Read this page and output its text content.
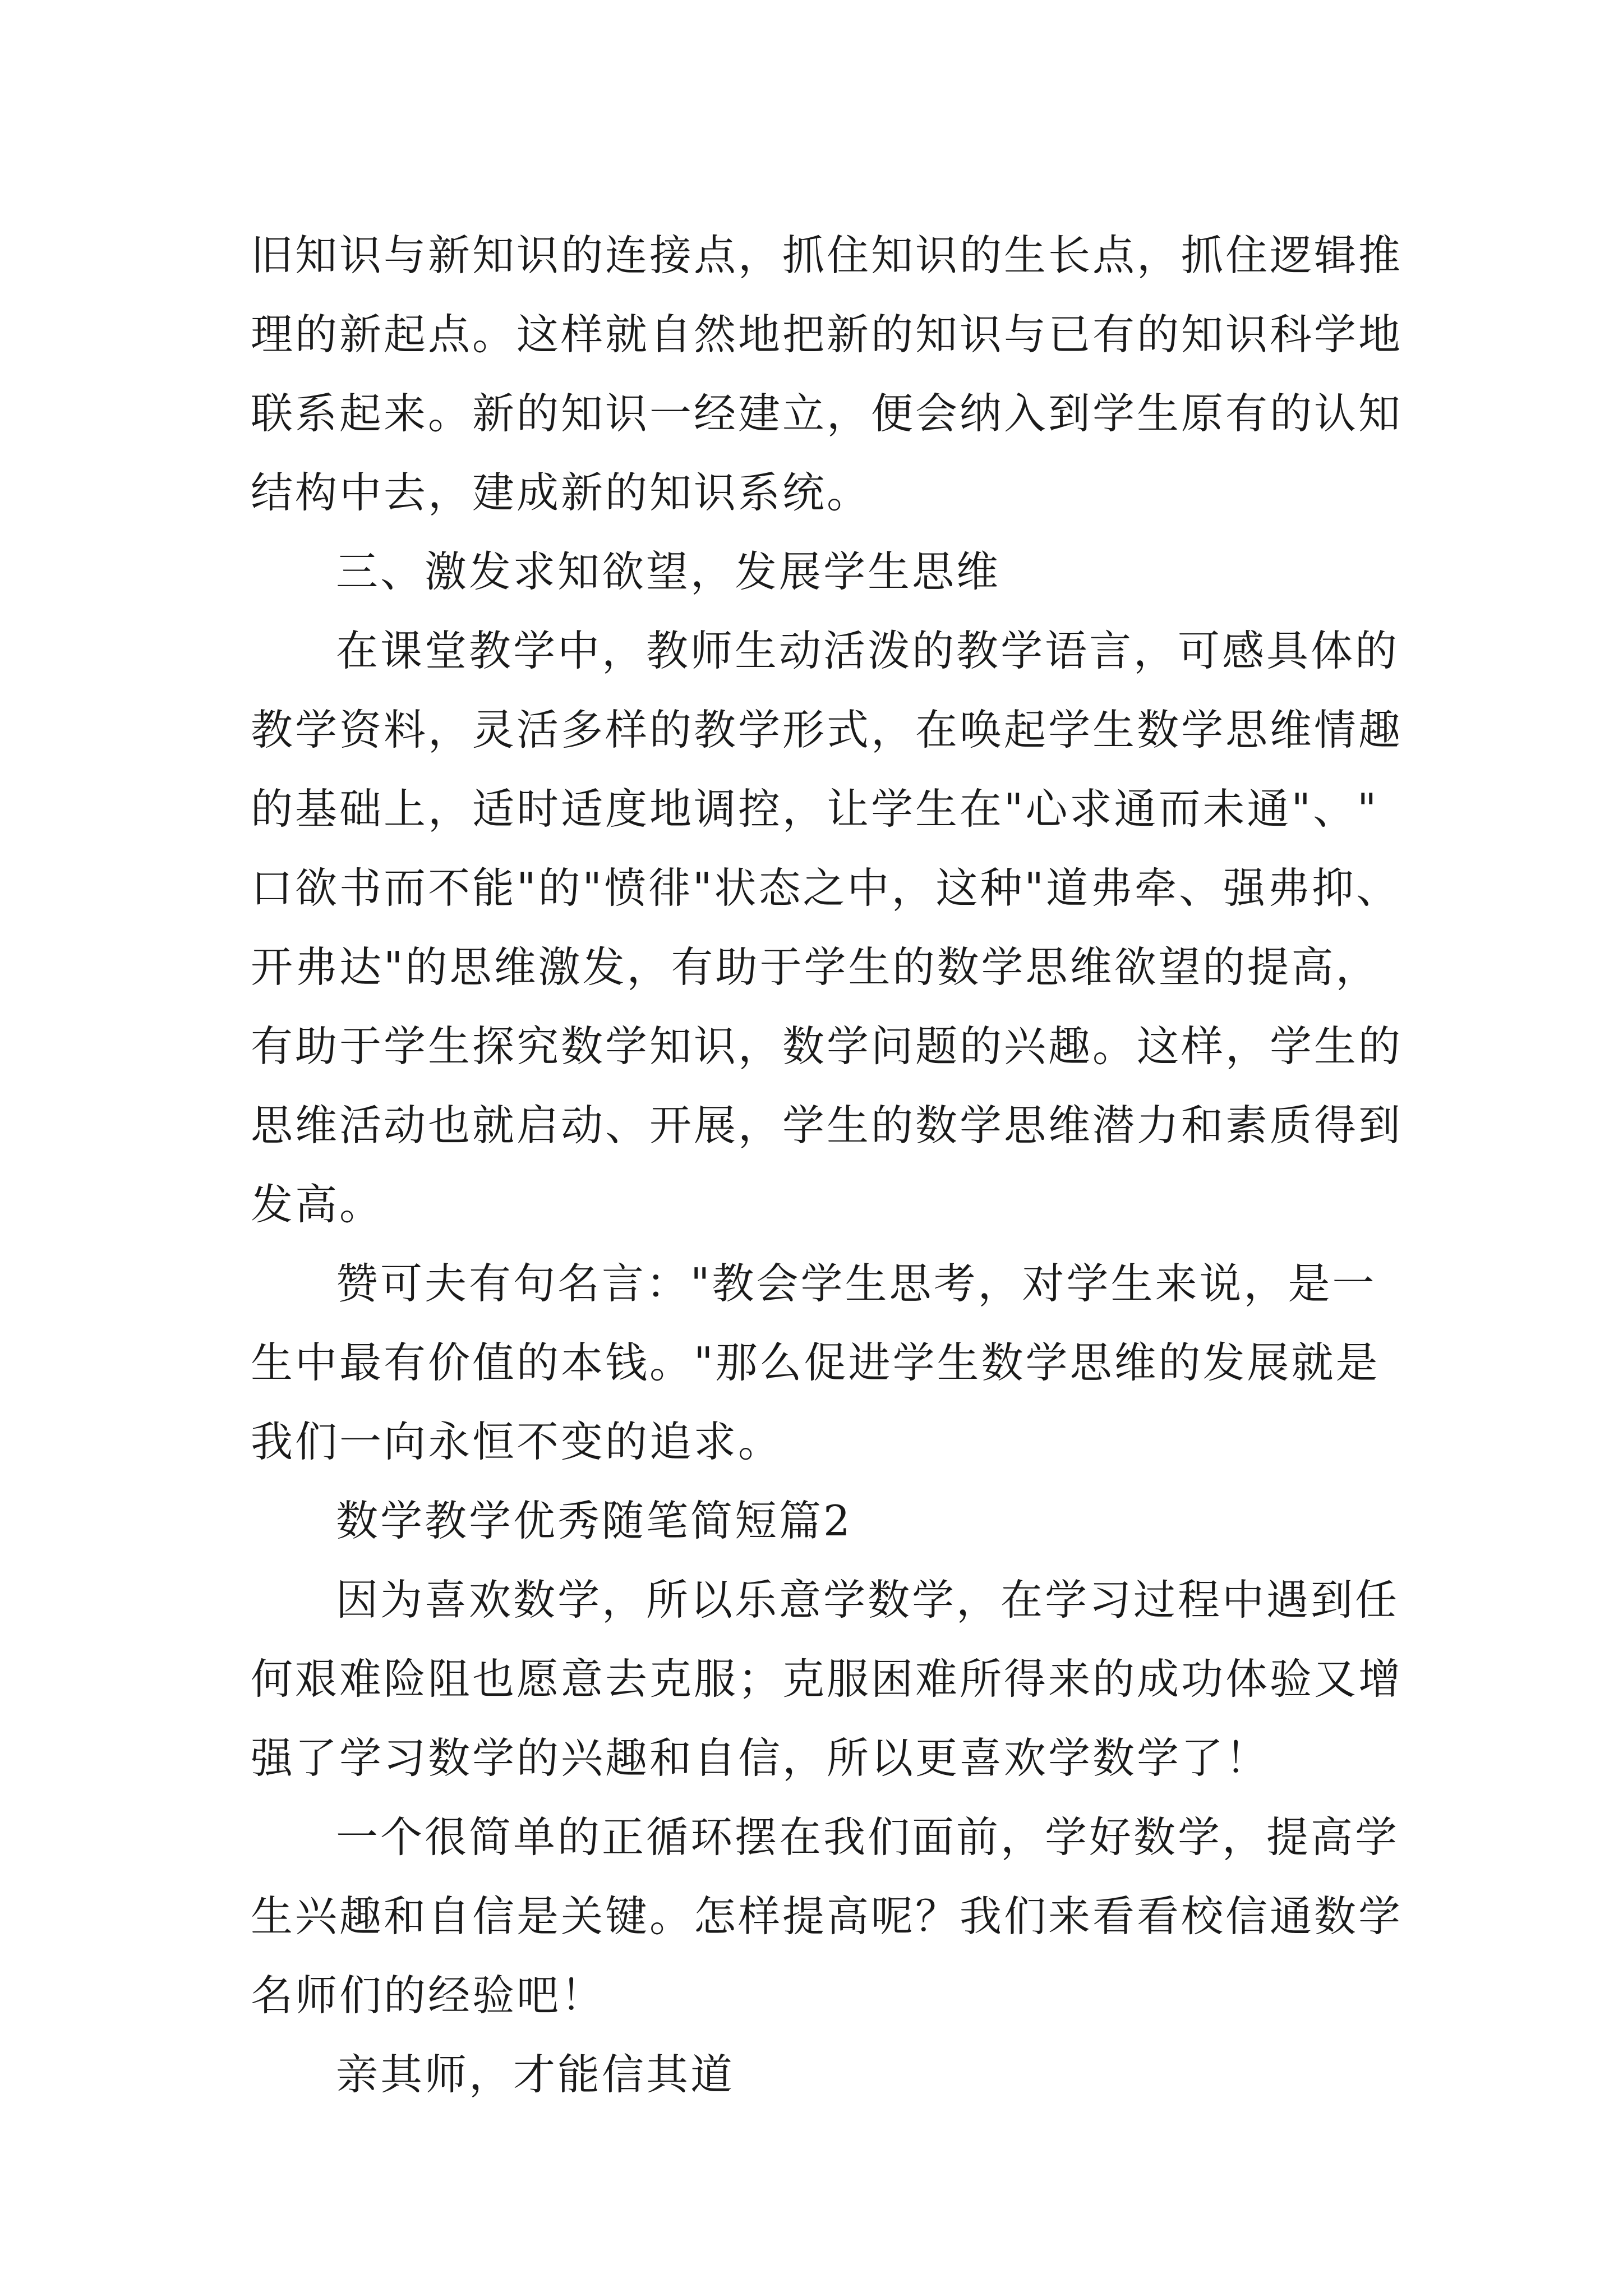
旧知识与新知识的连接点，抓住知识的生长点，抓住逻辑推
理的新起点。这样就自然地把新的知识与已有的知识科学地
联系起来。新的知识一经建立，便会纳入到学生原有的认知
结构中去，建成新的知识系统。
三、激发求知欲望，发展学生思维
在课堂教学中，教师生动活泼的教学语言，可感具体的
教学资料，灵活多样的教学形式，在唤起学生数学思维情趣
的基础上，适时适度地调控，让学生在"心求通而未通"、"
口欲书而不能"的"愤徘"状态之中，这种"道弗牵、强弗抑、
开弗达"的思维激发，有助于学生的数学思维欲望的提高，
有助于学生探究数学知识，数学问题的兴趣。这样，学生的
思维活动也就启动、开展，学生的数学思维潜力和素质得到
发高。
赞可夫有句名言："教会学生思考，对学生来说，是一
生中最有价值的本钱。"那么促进学生数学思维的发展就是
我们一向永恒不变的追求。
数学教学优秀随笔简短篇2
因为喜欢数学，所以乐意学数学，在学习过程中遇到任
何艰难险阻也愿意去克服；克服困难所得来的成功体验又增
强了学习数学的兴趣和自信，所以更喜欢学数学了！
一个很简单的正循环摆在我们面前，学好数学，提高学
生兴趣和自信是关键。怎样提高呢？我们来看看校信通数学
名师们的经验吧！
亲其师，才能信其道
